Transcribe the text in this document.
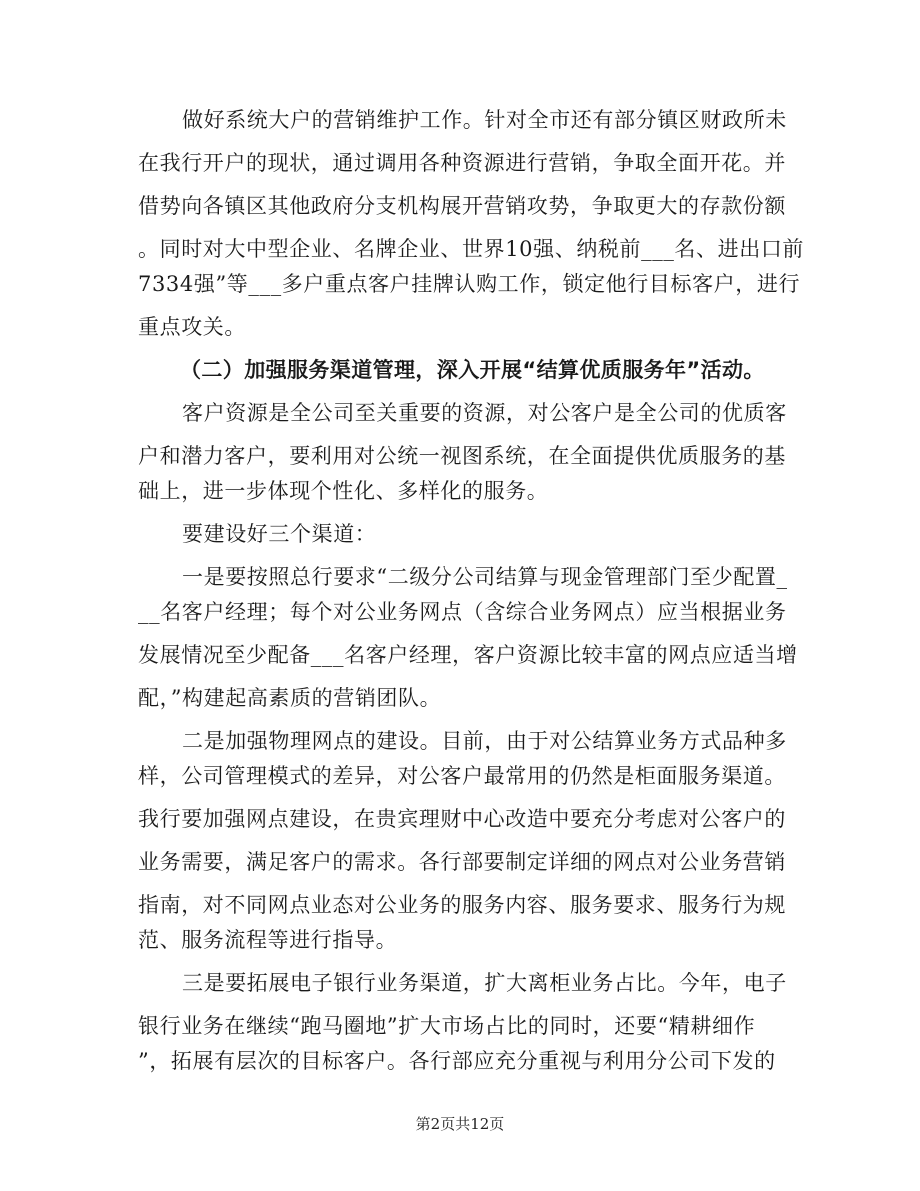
做好系统大户的营销维护工作。针对全市还有部分镇区财政所未
在我行开户的现状，通过调用各种资源进行营销，争取全面开花。并
借势向各镇区其他政府分支机构展开营销攻势，争取更大的存款份额
。同时对大中型企业、名牌企业、世界10强、纳税前___名、进出口前
7334强”等___多户重点客户挂牌认购工作，锁定他行目标客户，进行
重点攻关。
（二）加强服务渠道管理，深入开展“结算优质服务年”活动。
客户资源是全公司至关重要的资源，对公客户是全公司的优质客
户和潜力客户，要利用对公统一视图系统，在全面提供优质服务的基
础上，进一步体现个性化、多样化的服务。
要建设好三个渠道：
一是要按照总行要求“二级分公司结算与现金管理部门至少配置_
__名客户经理；每个对公业务网点（含综合业务网点）应当根据业务
发展情况至少配备___名客户经理，客户资源比较丰富的网点应适当增
配，”构建起高素质的营销团队。
二是加强物理网点的建设。目前，由于对公结算业务方式品种多
样，公司管理模式的差异，对公客户最常用的仍然是柜面服务渠道。
我行要加强网点建设，在贵宾理财中心改造中要充分考虑对公客户的
业务需要，满足客户的需求。各行部要制定详细的网点对公业务营销
指南，对不同网点业态对公业务的服务内容、服务要求、服务行为规
范、服务流程等进行指导。
三是要拓展电子银行业务渠道，扩大离柜业务占比。今年，电子
银行业务在继续“跑马圈地”扩大市场占比的同时，还要“精耕细作
”，拓展有层次的目标客户。各行部应充分重视与利用分公司下发的
第2页共12页
